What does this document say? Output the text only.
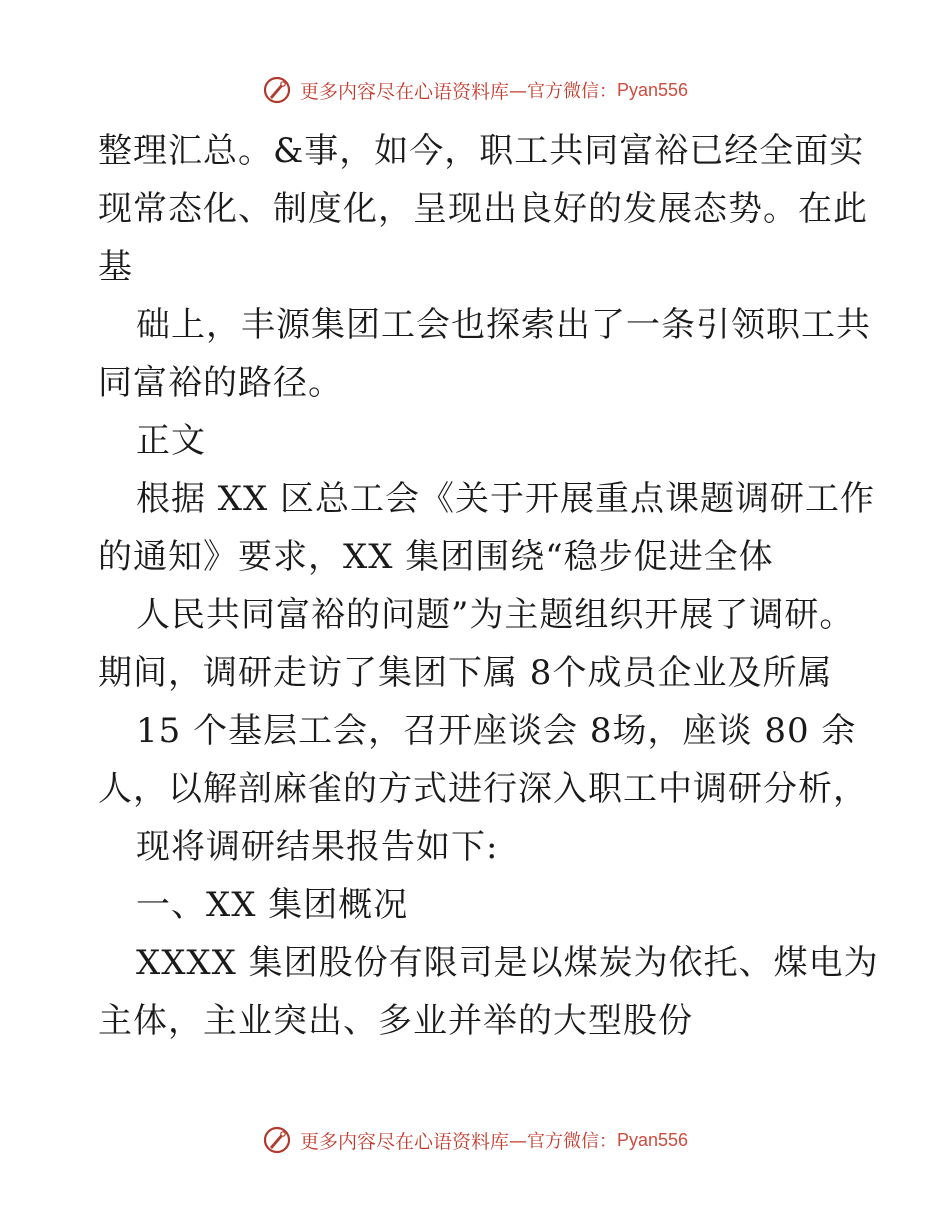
更多内容尽在心语资料库 —官方微信： Pyan556
整理汇总。&事，如今，职工共同富裕已经全面实
现常态化、制度化，呈现出良好的发展态势。在此
基
础上，丰源集团工会也探索出了一条引领职工共
同富裕的路径。
正文
根据 XX 区总工会《关于开展重点课题调研工作
的通知》要求，XX 集团围绕“稳步促进全体
人民共同富裕的问题”为主题组织开展了调研。
期间，调研走访了集团下属 8个成员企业及所属
15 个基层工会，召开座谈会 8场，座谈 80 余
人，以解剖麻雀的方式进行深入职工中调研分析，
现将调研结果报告如下:
一、XX 集团概况
XXXX 集团股份有限司是以煤炭为依托、煤电为
主体，主业突出、多业并举的大型股份
更多内容尽在心语资料库 —官方微信： Pyan556
